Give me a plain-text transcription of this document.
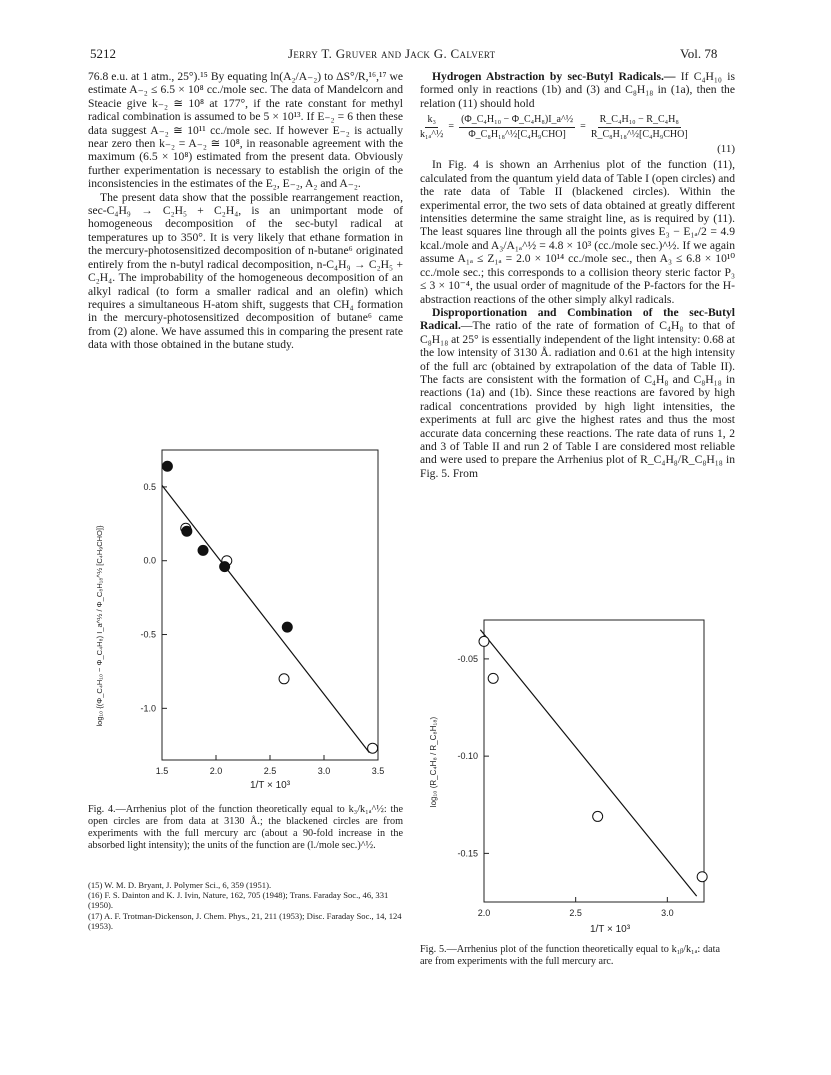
5212	Jerry T. Gruver and Jack G. Calvert	Vol. 78

76.8 e.u. at 1 atm., 25°).¹⁵ By equating ln(A₂/A₋₂) to ΔS°/R,¹⁶,¹⁷ we estimate A₋₂ ≤ 6.5 × 10⁸ cc./mole sec. The data of Mandelcorn and Steacie give k₋₂ ≅ 10⁸ at 177°, if the rate constant for methyl radical combination is assumed to be 5 × 10¹³. If E₋₂ = 6 then these data suggest A₋₂ ≅ 10¹¹ cc./mole sec. If however E₋₂ is actually near zero then k₋₂ = A₋₂ ≅ 10⁸, in reasonable agreement with the maximum (6.5 × 10⁸) estimated from the present data. Obviously further experimentation is necessary to establish the origin of the inconsistencies in the estimates of the E₂, E₋₂, A₂ and A₋₂.

The present data show that the possible rearrangement reaction, sec-C₄H₉ → C₂H₅ + C₂H₄, is an unimportant mode of homogeneous decomposition of the sec-butyl radical at temperatures up to 350°. It is very likely that ethane formation in the mercury-photosensitized decomposition of n-butane⁶ originated entirely from the n-butyl radical decomposition, n-C₄H₉ → C₂H₅ + C₂H₄. The improbability of the homogeneous decomposition of an alkyl radical (to form a smaller radical and an olefin) which requires a simultaneous H-atom shift, suggests that CH₄ formation in the mercury-photosensitized decomposition of butane⁶ came from (2) alone. We have assumed this in comparing the present rate data with those obtained in the butane study.

log₁₀ {(Φ_C₄H₁₀ − Φ_C₄H₈) I_a^½ / Φ_C₈H₁₈^½ [C₄H₉CHO]}
1/T × 10³
1.5	2.0	2.5	3.0	3.5
0.5
0.0
-0.5
-1.0
Fig. 4.—Arrhenius plot of the function theoretically equal to k₃/k₁ₐ^½: the open circles are from data at 3130 Å.; the blackened circles are from experiments with the full mercury arc (about a 90-fold increase in the absorbed light intensity); the units of the function are (l./mole sec.)^½.
(15) W. M. D. Bryant, J. Polymer Sci., 6, 359 (1951).
(16) F. S. Dainton and K. J. Ivin, Nature, 162, 705 (1948); Trans. Faraday Soc., 46, 331 (1950).
(17) A. F. Trotman-Dickenson, J. Chem. Phys., 21, 211 (1953); Disc. Faraday Soc., 14, 124 (1953).

Hydrogen Abstraction by sec-Butyl Radicals.— If C₄H₁₀ is formed only in reactions (1b) and (3) and C₈H₁₈ in (1a), then the relation (11) should hold

$\frac{\text{k₃}}{\text{k₁ₐ\textasciicircum{}½}} = \frac{\text{(Φ\_C₄H₁₀ − Φ\_C₄H₈)I\_a\textasciicircum{}½}}{\text{Φ\_C₈H₁₈\textasciicircum{}½[C₄H₉CHO]}} = \frac{\text{R\_C₄H₁₀ − R\_C₄H₈}}{\text{R\_C₈H₁₈\textasciicircum{}½[C₄H₉CHO]}}$
(11)

In Fig. 4 is shown an Arrhenius plot of the function (11), calculated from the quantum yield data of Table I (open circles) and the rate data of Table II (blackened circles). Within the experimental error, the two sets of data obtained at greatly different intensities determine the same straight line, as is required by (11). The least squares line through all the points gives E₃ − E₁ₐ/2 = 4.9 kcal./mole and A₃/A₁ₐ^½ = 4.8 × 10³ (cc./mole sec.)^½. If we again assume A₁ₐ ≤ Z₁ₐ = 2.0 × 10¹⁴ cc./mole sec., then A₃ ≤ 6.8 × 10¹⁰ cc./mole sec.; this corresponds to a collision theory steric factor P₃ ≤ 3 × 10⁻⁴, the usual order of magnitude of the P-factors for the H-abstraction reactions of the other simply alkyl radicals.

Disproportionation and Combination of the sec-Butyl Radical.—The ratio of the rate of formation of C₄H₈ to that of C₈H₁₈ at 25° is essentially independent of the light intensity: 0.68 at the low intensity of 3130 Å. radiation and 0.61 at the high intensity of the full arc (obtained by extrapolation of the data of Table II). The facts are consistent with the formation of C₄H₈ and C₈H₁₈ in reactions (1a) and (1b). Since these reactions are favored by high radical concentrations provided by high light intensities, the experiments at full arc give the highest rates and thus the most accurate data concerning these reactions. The rate data of runs 1, 2 and 3 of Table II and run 2 of Table I are considered most reliable and were used to prepare the Arrhenius plot of R_C₄H₈/R_C₈H₁₈ in Fig. 5. From

log₁₀ (R_C₄H₈ / R_C₈H₁₈)
1/T × 10³
2.0	2.5	3.0
-0.05
-0.10
-0.15
Fig. 5.—Arrhenius plot of the function theoretically equal to k₁ᵦ/k₁ₐ: data are from experiments with the full mercury arc.
